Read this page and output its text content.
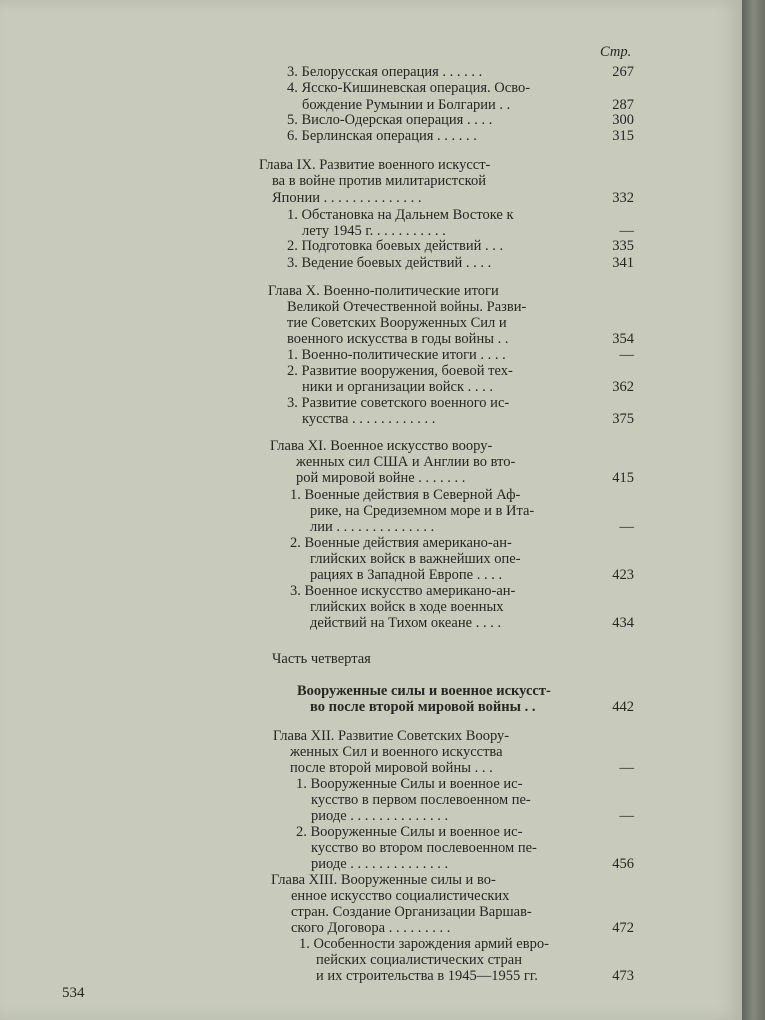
Стр.
3. Белорусская операция . . . . . .	267
4. Ясско-Кишиневская операция. Осво-
бождение Румынии и Болгарии . .	287
5. Висло-Одерская операция . . . .	300
6. Берлинская операция . . . . . .	315
Глава IX. Развитие военного искусст-
ва в войне против милитаристской
Японии . . . . . . . . . . . . . .	332
1. Обстановка на Дальнем Востоке к
лету 1945 г. . . . . . . . . . .	—
2. Подготовка боевых действий . . .	335
3. Ведение боевых действий . . . .	341
Глава X. Военно-политические итоги
Великой Отечественной войны. Разви-
тие Советских Вооруженных Сил и
военного искусства в годы войны . .	354
1. Военно-политические итоги . . . .	—
2. Развитие вооружения, боевой тех-
ники и организации войск . . . .	362
3. Развитие советского военного ис-
кусства . . . . . . . . . . . .	375
Глава XI. Военное искусство воору-
женных сил США и Англии во вто-
рой мировой войне . . . . . . .	415
1. Военные действия в Северной Аф-
рике, на Средиземном море и в Ита-
лии . . . . . . . . . . . . . .	—
2. Военные действия американо-ан-
глийских войск в важнейших опе-
рациях в Западной Европе . . . .	423
3. Военное искусство американо-ан-
глийских войск в ходе военных
действий на Тихом океане . . . .	434
Часть четвертая
Вооруженные силы и военное искусст-
во после второй мировой войны . .	442
Глава XII. Развитие Советских Воору-
женных Сил и военного искусства
после второй мировой войны . . .	—
1. Вооруженные Силы и военное ис-
кусство в первом послевоенном пе-
риоде . . . . . . . . . . . . . .	—
2. Вооруженные Силы и военное ис-
кусство во втором послевоенном пе-
риоде . . . . . . . . . . . . . .	456
Глава XIII. Вооруженные силы и во-
енное искусство социалистических
стран. Создание Организации Варшав-
ского Договора . . . . . . . . .	472
1. Особенности зарождения армий евро-
пейских социалистических стран
и их строительства в 1945—1955 гг.	473
534
